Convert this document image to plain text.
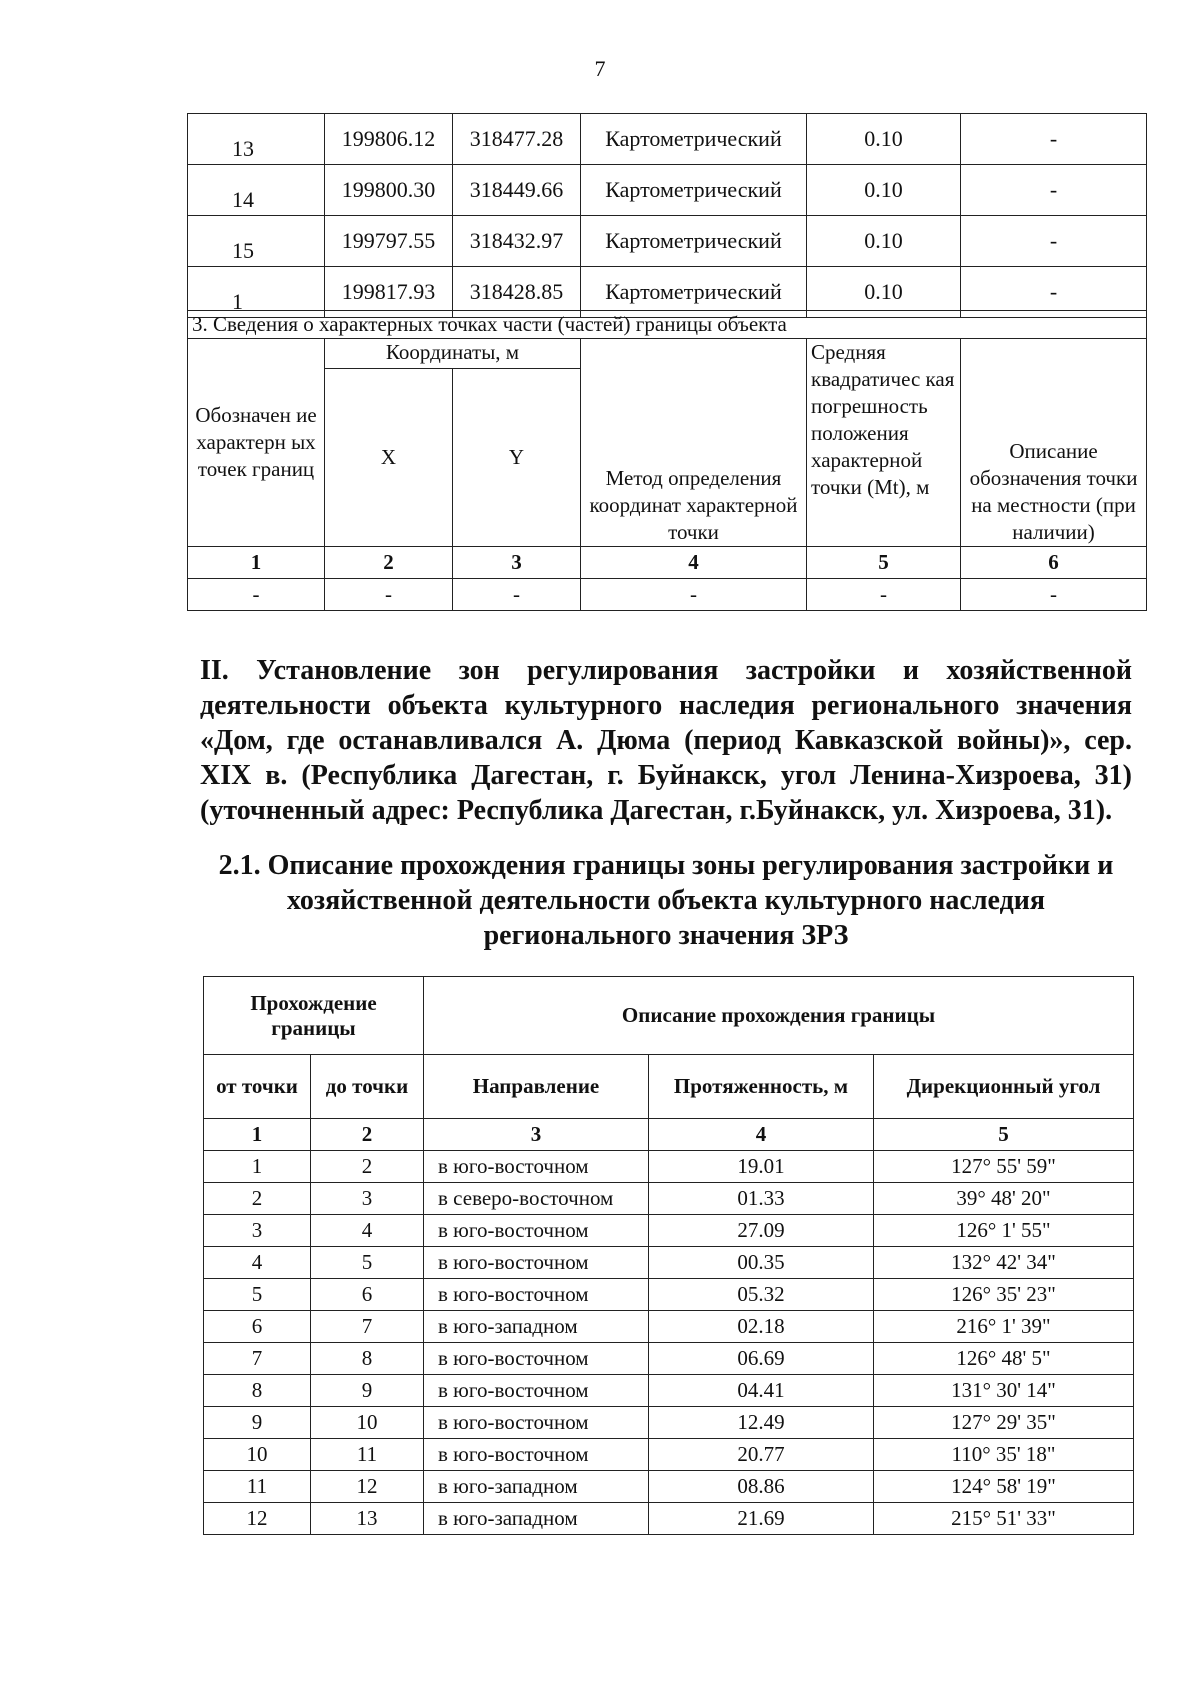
7
13	199806.12	318477.28	Картометрический	0.10	-
14	199800.30	318449.66	Картометрический	0.10	-
15	199797.55	318432.97	Картометрический	0.10	-
1	199817.93	318428.85	Картометрический	0.10	-
3. Сведения о характерных точках части (частей) границы объекта					
Обозначен ие характерн ых точек границ	Координаты, м		Метод определения координат характерной точки	Средняя квадратичес кая погрешность положения характерной точки (Mt), м	Описание обозначения точки на местности (при наличии)
	X	Y			
1	2	3	4	5	6
-	-	-	-	-	-
II. Установление зон регулирования застройки и хозяйственной деятельности объекта культурного наследия регионального значения «Дом, где останавливался А. Дюма (период Кавказской войны)», сер. XIX в. (Республика Дагестан, г. Буйнакск, угол Ленина-Хизроева, 31) (уточненный адрес: Республика Дагестан, г.Буйнакск, ул. Хизроева, 31).
2.1. Описание прохождения границы зоны регулирования застройки и хозяйственной деятельности объекта культурного наследия регионального значения ЗРЗ
Прохождение границы		Описание прохождения границы		
от точки	до точки			
		Направление	Протяженность, м	Дирекционный угол
1	2	3	4	5
1	2	в юго-восточном	19.01	127° 55' 59"
2	3	в северо-восточном	01.33	39° 48' 20"
3	4	в юго-восточном	27.09	126° 1' 55"
4	5	в юго-восточном	00.35	132° 42' 34"
5	6	в юго-восточном	05.32	126° 35' 23"
6	7	в юго-западном	02.18	216° 1' 39"
7	8	в юго-восточном	06.69	126° 48' 5"
8	9	в юго-восточном	04.41	131° 30' 14"
9	10	в юго-восточном	12.49	127° 29' 35"
10	11	в юго-восточном	20.77	110° 35' 18"
11	12	в юго-западном	08.86	124° 58' 19"
12	13	в юго-западном	21.69	215° 51' 33"
